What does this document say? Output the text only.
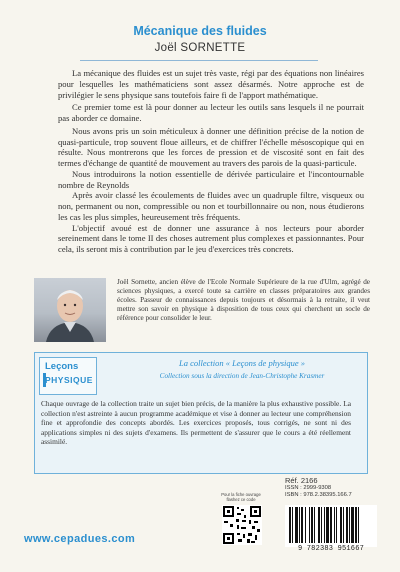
Mécanique des fluides
Joël SORNETTE

La mécanique des fluides est un sujet très vaste, régi par des équations non linéaires pour lesquelles les mathématiciens sont assez désarmés. Notre approche est de privilégier le sens physique sans toutefois faire fi de l'apport mathématique.

Ce premier tome est là pour donner au lecteur les outils sans lesquels il ne pourrait pas aborder ce domaine.

Nous avons pris un soin méticuleux à donner une définition précise de la notion de quasi-particule, trop souvent floue ailleurs, et de chiffrer l'échelle mésoscopique qui en résulte. Nous montrerons que les forces de pression et de viscosité sont en fait des termes d'échange de quantité de mouvement au travers des parois de la quasi-particule.

Nous introduirons la notion essentielle de dérivée particulaire et l'incontournable nombre de Reynolds

Après avoir classé les écoulements de fluides avec un quadruple filtre, visqueux ou non, permanent ou non, compressible ou non et tourbillonnaire ou non, nous étudierons les cas les plus simples, heureusement très fréquents.

L'objectif avoué est de donner une assurance à nos lecteurs pour aborder sereinement dans le tome II des choses autrement plus complexes et passionnantes. Pour cela, ils seront mis à contribution par le jeu d'exercices très concrets.

Joël Sornette, ancien élève de l'Ecole Normale Supérieure de la rue d'Ulm, agrégé de sciences physiques, a exercé toute sa carrière en classes préparatoires aux grandes écoles. Passeur de connaissances depuis toujours et désormais à la retraite, il veut mettre son savoir en physique à disposition de tous ceux qui cherchent un socle de référence pour consolider le leur.
Leçons
PHYSIQUE
La collection « Leçons de physique »
Collection sous la direction de Jean-Christophe Krasmer
Chaque ouvrage de la collection traite un sujet bien précis, de la manière la plus exhaustive possible. La collection n'est astreinte à aucun programme académique et vise à donner au lecteur une compréhension fine et approfondie des concepts abordés. Les exercices proposés, tous corrigés, ne sont ni des applications simples ni des sujets d'examens. Ils permettent de s'assurer que le cours a été réellement assimilé.
www.cepadues.com
Pour la fiche ouvrage flashez ce code
Réf. 2166
ISSN : 2999-9308
ISBN : 978.2.38395.166.7
9 782383 951667
